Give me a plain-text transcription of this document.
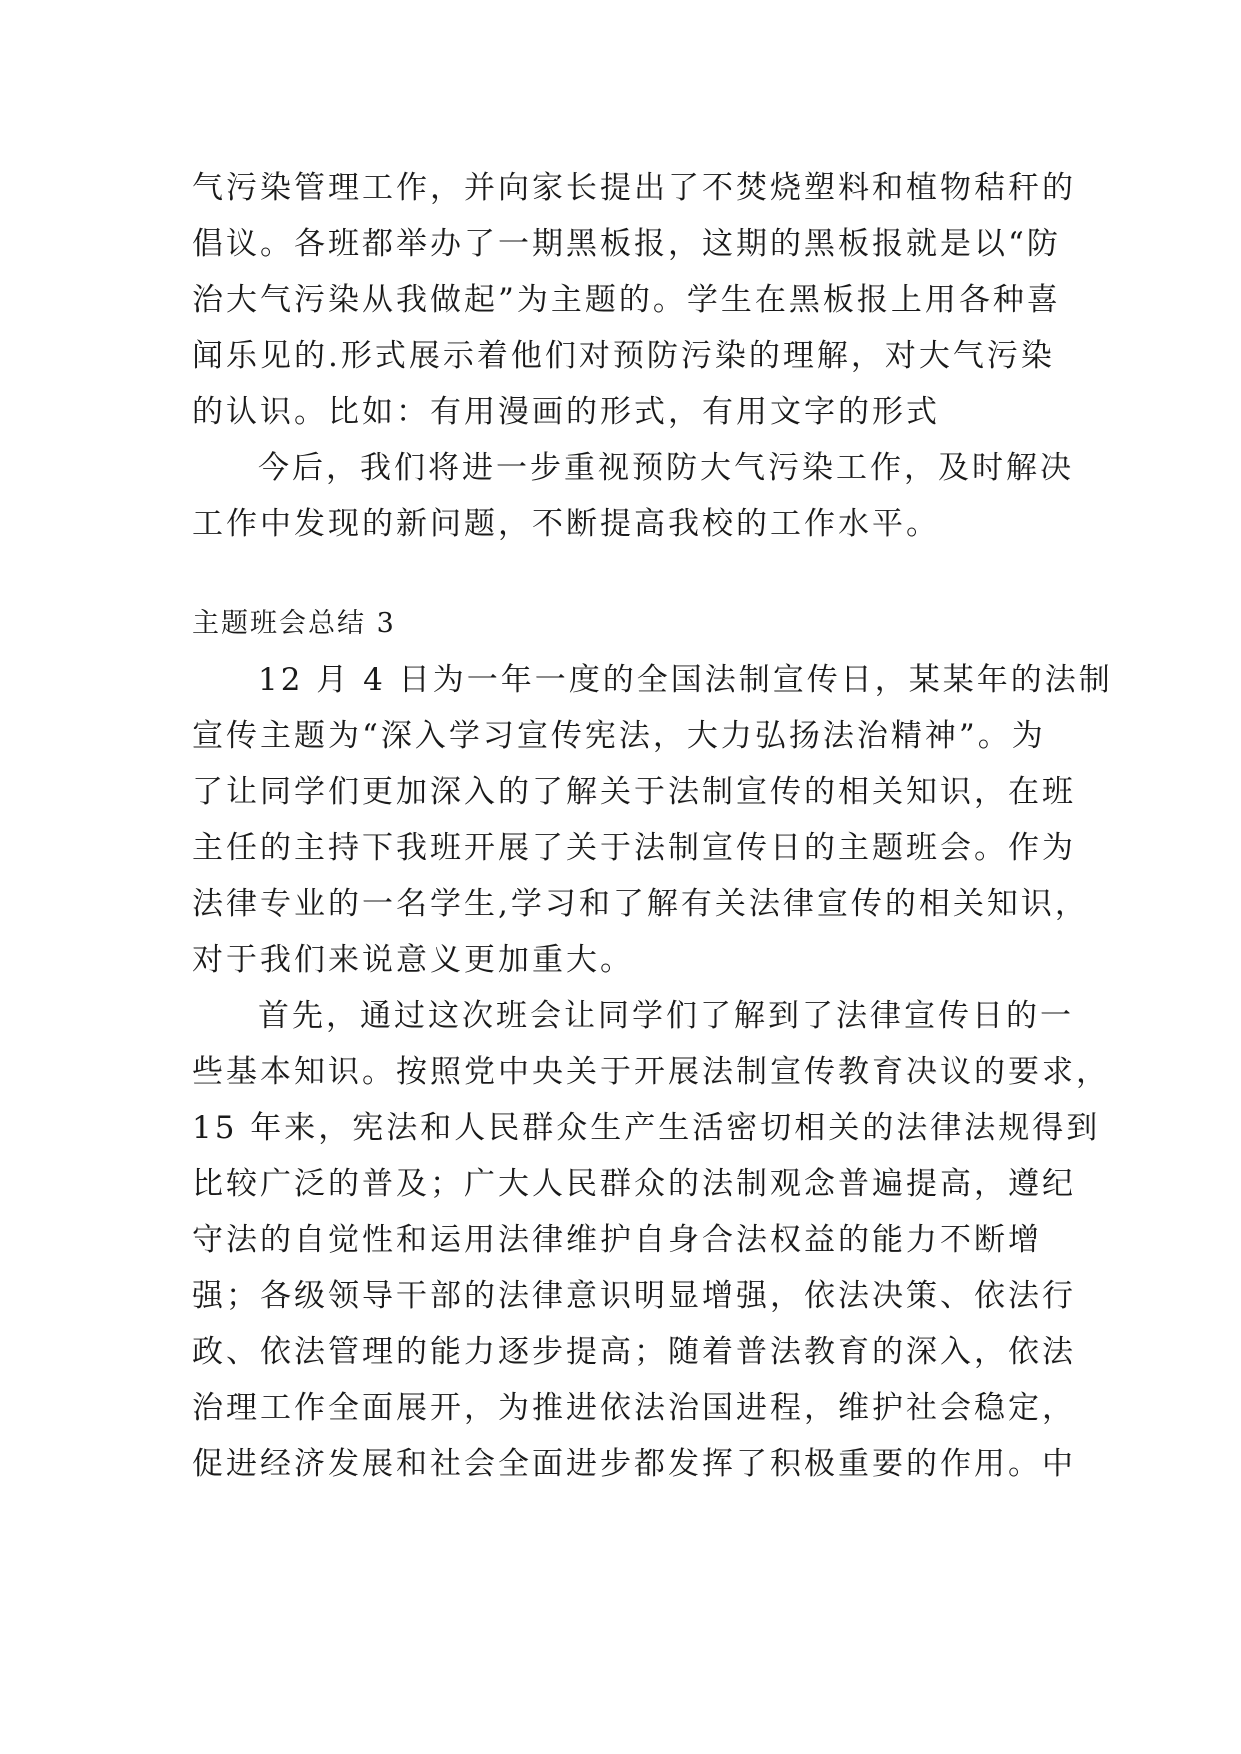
气污染管理工作，并向家长提出了不焚烧塑料和植物秸秆的
倡议。各班都举办了一期黑板报，这期的黑板报就是以“防
治大气污染从我做起”为主题的。学生在黑板报上用各种喜
闻乐见的.形式展示着他们对预防污染的理解，对大气污染
的认识。比如：有用漫画的形式，有用文字的形式
今后，我们将进一步重视预防大气污染工作，及时解决
工作中发现的新问题，不断提高我校的工作水平。
主题班会总结 3
12 月 4 日为一年一度的全国法制宣传日，某某年的法制
宣传主题为“深入学习宣传宪法，大力弘扬法治精神”。为
了让同学们更加深入的了解关于法制宣传的相关知识，在班
主任的主持下我班开展了关于法制宣传日的主题班会。作为
法律专业的一名学生,学习和了解有关法律宣传的相关知识，
对于我们来说意义更加重大。
首先，通过这次班会让同学们了解到了法律宣传日的一
些基本知识。按照党中央关于开展法制宣传教育决议的要求，
15 年来，宪法和人民群众生产生活密切相关的法律法规得到
比较广泛的普及；广大人民群众的法制观念普遍提高，遵纪
守法的自觉性和运用法律维护自身合法权益的能力不断增
强；各级领导干部的法律意识明显增强，依法决策、依法行
政、依法管理的能力逐步提高；随着普法教育的深入，依法
治理工作全面展开，为推进依法治国进程，维护社会稳定，
促进经济发展和社会全面进步都发挥了积极重要的作用。中
